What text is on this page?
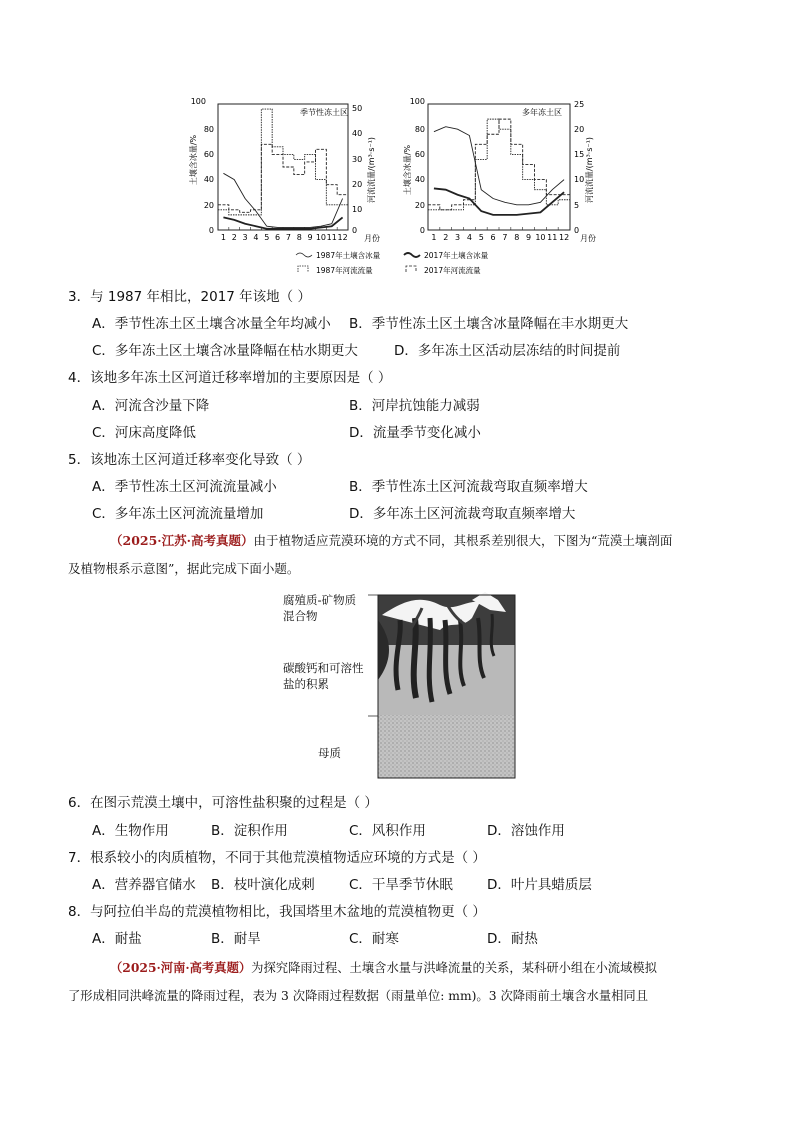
季节性冻土区
土壤含冰量/%	河流流量/(m³·s⁻¹)
100
80
60
40
20
0
50
40
30
20
10
0
1 2 3 4 5 6 7 8 9 10 11 12 月份
多年冻土区
土壤含冰量/%	河流流量/(m³·s⁻¹)
100
80
60
40
20
0
25
20
15
10
5
0
1 2 3 4 5 6 7 8 9 10 11 12 月份
1987年土壤含冰量	2017年土壤含冰量
1987年河流流量	2017年河流流量
3．与 1987 年相比，2017 年该地（ ）
A．季节性冻土区土壤含冰量全年均减小 B．季节性冻土区土壤含冰量降幅在丰水期更大
C．多年冻土区土壤含冰量降幅在枯水期更大	D．多年冻土区活动层冻结的时间提前
4．该地多年冻土区河道迁移率增加的主要原因是（ ）
A．河流含沙量下降	B．河岸抗蚀能力减弱
C．河床高度降低	D．流量季节变化减小
5．该地冻土区河道迁移率变化导致（ ）
A．季节性冻土区河流流量减小	B．季节性冻土区河流裁弯取直频率增大
C．多年冻土区河流流量增加	D．多年冻土区河流裁弯取直频率增大
（2025·江苏·高考真题）由于植物适应荒漠环境的方式不同，其根系差别很大，下图为“荒漠土壤剖面
及植物根系示意图”，据此完成下面小题。
腐殖质-矿物质
混合物
碳酸钙和可溶性
盐的积累
母质
6．在图示荒漠土壤中，可溶性盐积聚的过程是（ ）
A．生物作用	B．淀积作用	C．风积作用	D．溶蚀作用
7．根系较小的肉质植物，不同于其他荒漠植物适应环境的方式是（ ）
A．营养器官储水 B．枝叶演化成刺	C．干旱季节休眠	D．叶片具蜡质层
8．与阿拉伯半岛的荒漠植物相比，我国塔里木盆地的荒漠植物更（ ）
A．耐盐	B．耐旱	C．耐寒	D．耐热
（2025·河南·高考真题）为探究降雨过程、土壤含水量与洪峰流量的关系，某科研小组在小流域模拟
了形成相同洪峰流量的降雨过程，表为 3 次降雨过程数据（雨量单位: mm)。3 次降雨前土壤含水量相同且
